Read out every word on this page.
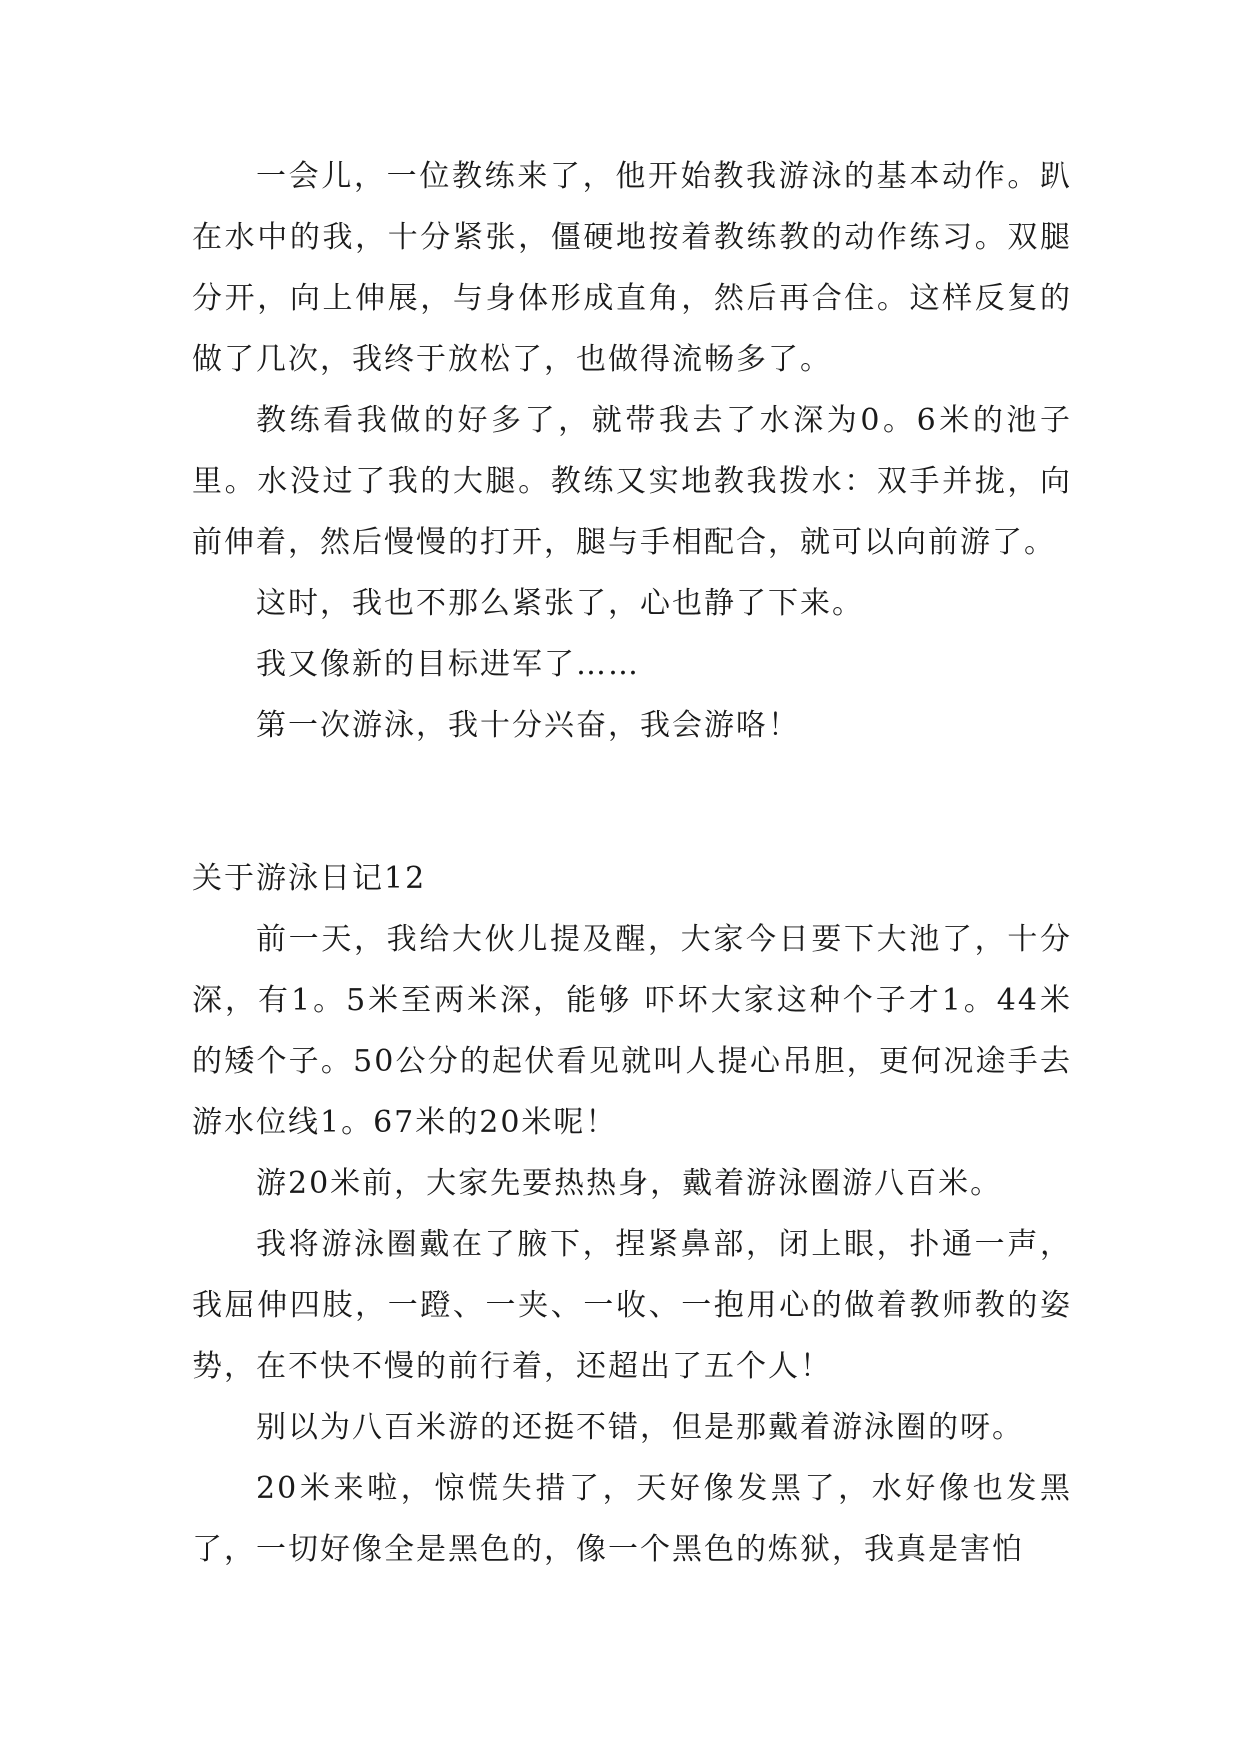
一会儿，一位教练来了，他开始教我游泳的基本动作。趴在水中的我，十分紧张，僵硬地按着教练教的动作练习。双腿分开，向上伸展，与身体形成直角，然后再合住。这样反复的做了几次，我终于放松了，也做得流畅多了。

教练看我做的好多了，就带我去了水深为0。6米的池子里。水没过了我的大腿。教练又实地教我拨水：双手并拢，向前伸着，然后慢慢的打开，腿与手相配合，就可以向前游了。

这时，我也不那么紧张了，心也静了下来。

我又像新的目标进军了……

第一次游泳，我十分兴奋，我会游咯！

关于游泳日记12

前一天，我给大伙儿提及醒，大家今日要下大池了，十分深，有1。5米至两米深，能够 吓坏大家这种个子才1。44米的矮个子。50公分的起伏看见就叫人提心吊胆，更何况途手去游水位线1。67米的20米呢！

游20米前，大家先要热热身，戴着游泳圈游八百米。

我将游泳圈戴在了腋下，捏紧鼻部，闭上眼，扑通一声，我屈伸四肢，一蹬、一夹、一收、一抱用心的做着教师教的姿势，在不快不慢的前行着，还超出了五个人！

别以为八百米游的还挺不错，但是那戴着游泳圈的呀。

20米来啦，惊慌失措了，天好像发黑了，水好像也发黑了，一切好像全是黑色的，像一个黑色的炼狱，我真是害怕
